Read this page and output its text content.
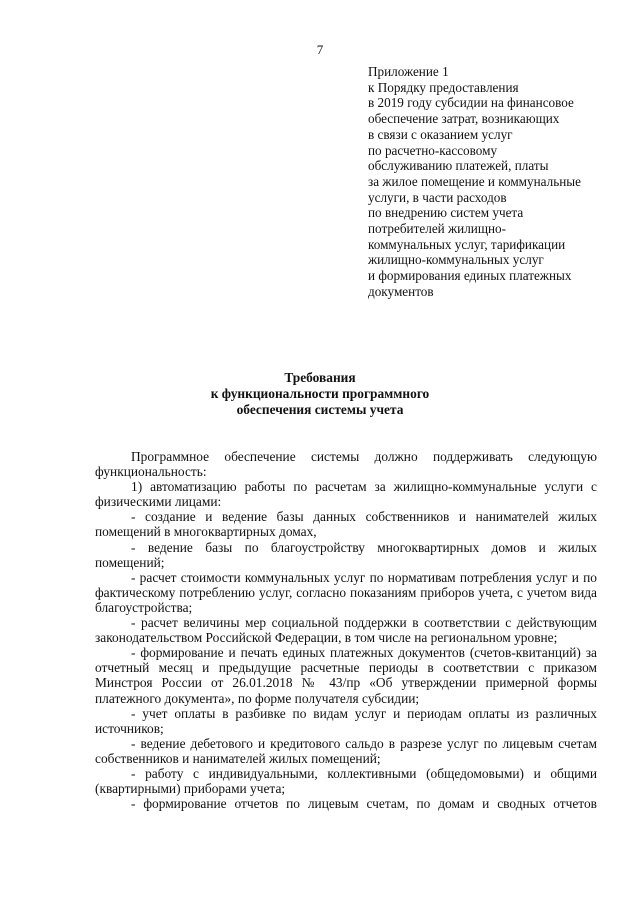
7
Приложение 1
к Порядку предоставления
в 2019 году субсидии на финансовое
обеспечение затрат, возникающих
в связи с оказанием услуг
по расчетно-кассовому
обслуживанию платежей, платы
за жилое помещение и коммунальные
услуги, в части расходов
по внедрению систем учета
потребителей жилищно-
коммунальных услуг, тарификации
жилищно-коммунальных услуг
и формирования единых платежных
документов
Требования
к функциональности программного
обеспечения системы учета

Программное обеспечение системы должно поддерживать следующую функциональность:

1) автоматизацию работы по расчетам за жилищно-коммунальные услуги с физическими лицами:

- создание и ведение базы данных собственников и нанимателей жилых помещений в многоквартирных домах,

- ведение базы по благоустройству многоквартирных домов и жилых помещений;

- расчет стоимости коммунальных услуг по нормативам потребления услуг и по фактическому потреблению услуг, согласно показаниям приборов учета, с учетом вида благоустройства;

- расчет величины мер социальной поддержки в соответствии с действующим законодательством Российской Федерации, в том числе на региональном уровне;

- формирование и печать единых платежных документов (счетов-квитанций) за отчетный месяц и предыдущие расчетные периоды в соответствии с приказом Минстроя России от 26.01.2018 № 43/пр «Об утверждении примерной формы платежного документа», по форме получателя субсидии;

- учет оплаты в разбивке по видам услуг и периодам оплаты из различных источников;

- ведение дебетового и кредитового сальдо в разрезе услуг по лицевым счетам собственников и нанимателей жилых помещений;

- работу с индивидуальными, коллективными (общедомовыми) и общими (квартирными) приборами учета;

- формирование отчетов по лицевым счетам, по домам и сводных отчетов
